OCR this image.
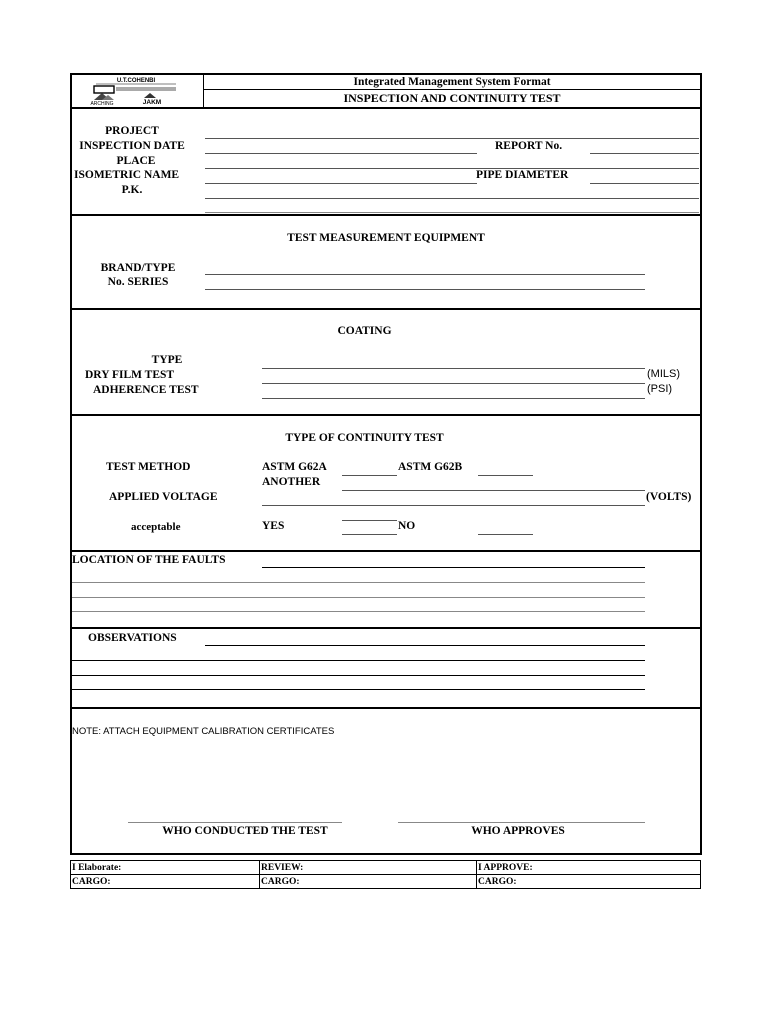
U.T.COHENBI
ARCHING	JAKM
Integrated Management System Format
INSPECTION AND CONTINUITY TEST
PROJECT
INSPECTION DATE
PLACE
ISOMETRIC NAME
P.K.
REPORT No.
PIPE DIAMETER
TEST MEASUREMENT EQUIPMENT
BRAND/TYPE
No. SERIES
COATING
TYPE
DRY FILM TEST
ADHERENCE TEST
(MILS)
(PSI)
TYPE OF CONTINUITY TEST
TEST METHOD	ASTM G62A	ASTM G62B
ANOTHER
APPLIED VOLTAGE	(VOLTS)
acceptable	YES	NO
LOCATION OF THE FAULTS
OBSERVATIONS
NOTE: ATTACH EQUIPMENT CALIBRATION CERTIFICATES
WHO CONDUCTED THE TEST	WHO APPROVES
I Elaborate:	REVIEW:	I APPROVE:
CARGO:	CARGO:	CARGO:
